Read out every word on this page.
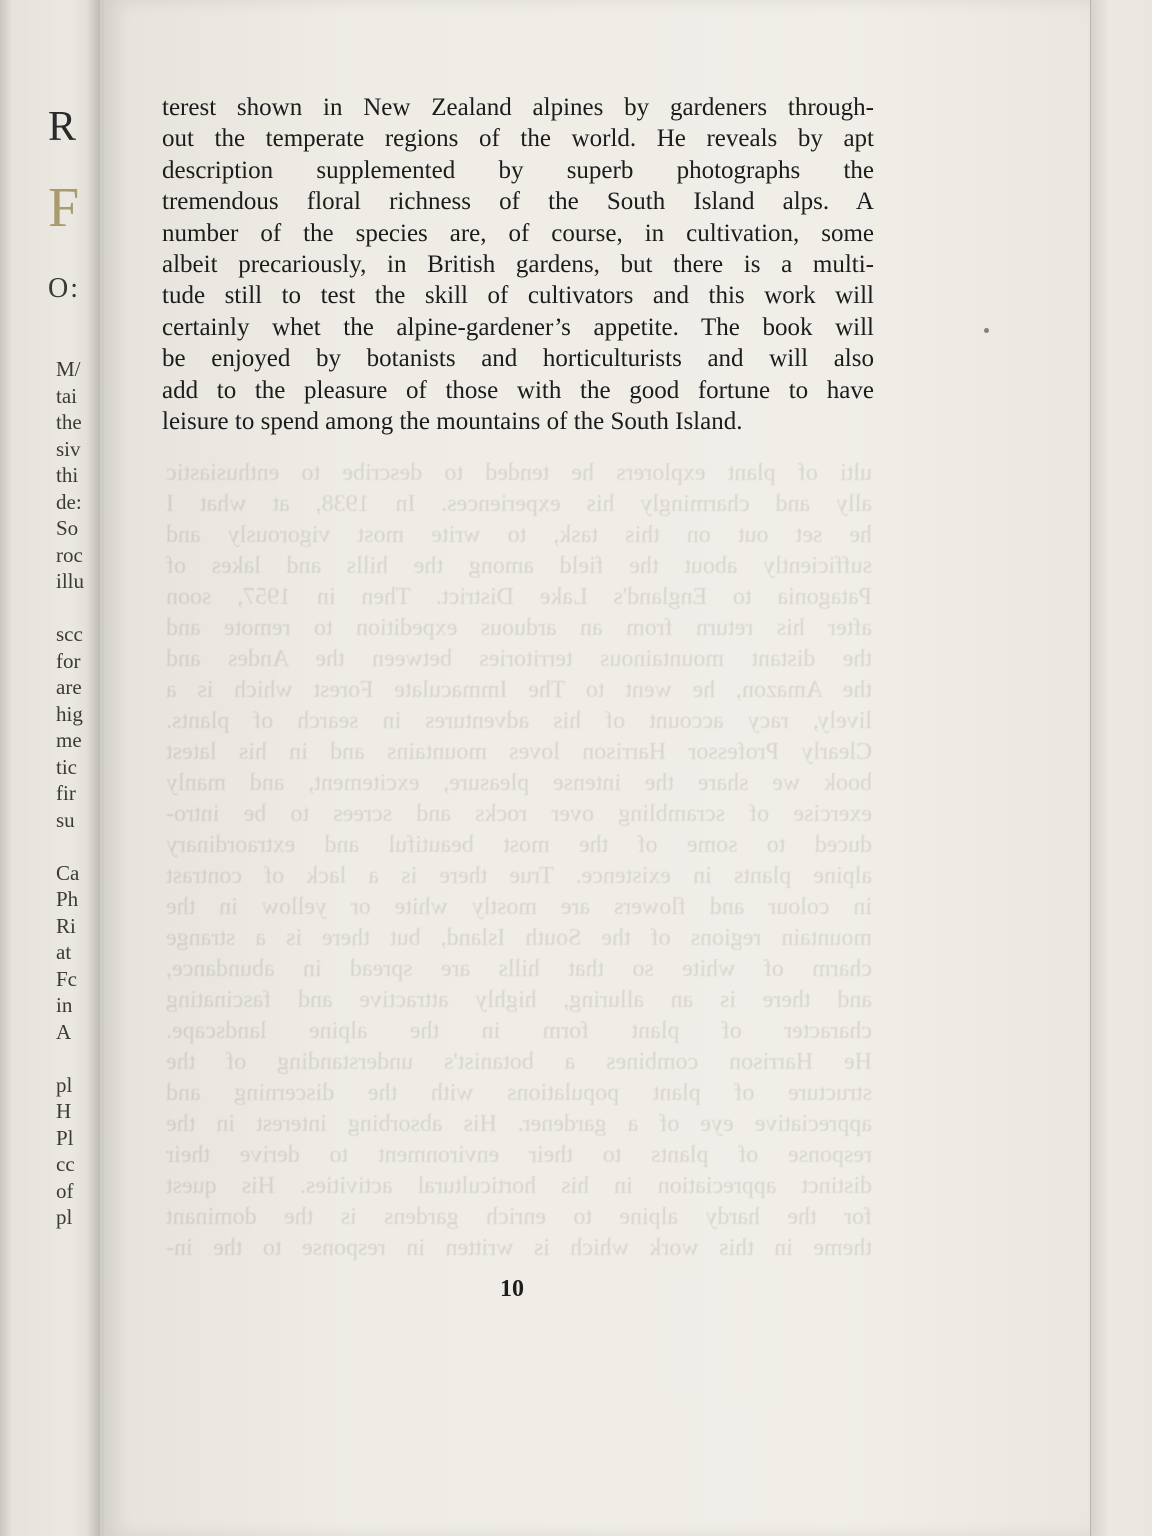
R
F
O:
M/
tai
the
siv
thi
de:
So
roc
illu

scc
for
are
hig
me
tic
fir
su

Ca
Ph
Ri
at
Fc
in
A

pl
H
Pl
cc
of
pl
ulti of plant explorers he tended to describe to enthusiastic
ally and charmingly his experiences. In 1938, at what I
he set out on this task, to write most vigorously and
sufficiently about the field among the hills and lakes of
Patagonia to England's Lake District. Then in 1957, soon
after his return from an arduous expedition to remote and
the distant mountainous territories between the Andes and
the Amazon, he went to The Immaculate Forest which is a
lively, racy account of his adventures in search of plants.
Clearly Professor Harrison loves mountains and in his latest
book we share the intense pleasure, excitement, and manly
exercise of scrambling over rocks and screes to be intro-
duced to some of the most beautiful and extraordinary
alpine plants in existence. True there is a lack of contrast
in colour and flowers are mostly white or yellow in the
mountain regions of the South Island, but there is a strange
charm of white so that hills are spread in abundance,
and there is an alluring, highly attractive and fascinating
character of plant form in the alpine landscape.
He Harrison combines a botanist's understanding of the
structure of plant populations with the discerning and
appreciative eye of a gardener. His absorbing interest in the
response of plants to their environment to derive their
distinct appreciation in his horticultural activities. His quest
for the hardy alpine to enrich gardens is the dominant
theme in this work which is written in response to the in-
terest shown in New Zealand alpines by gardeners through-
out the temperate regions of the world. He reveals by apt
description supplemented by superb photographs the
tremendous floral richness of the South Island alps. A
number of the species are, of course, in cultivation, some
albeit precariously, in British gardens, but there is a multi-
tude still to test the skill of cultivators and this work will
certainly whet the alpine-gardener’s appetite. The book will
be enjoyed by botanists and horticulturists and will also
add to the pleasure of those with the good fortune to have
leisure to spend among the mountains of the South Island.
10
